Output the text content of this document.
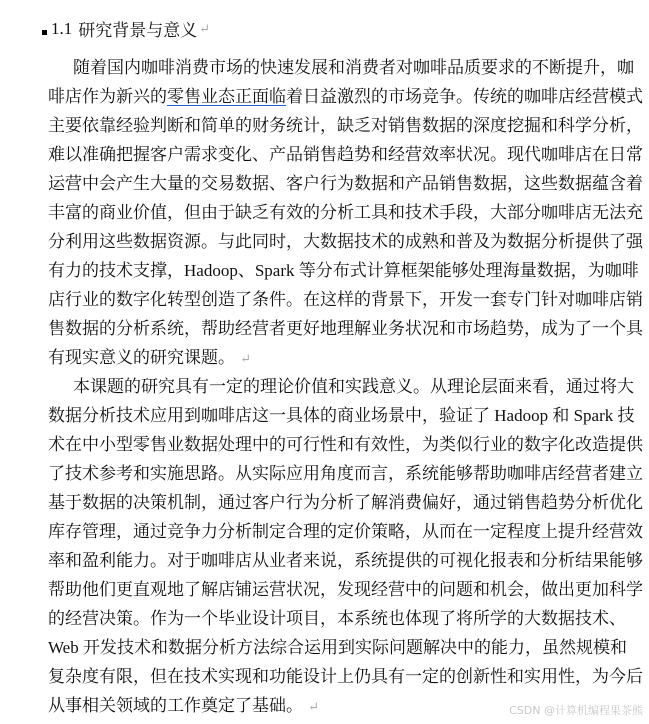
1.1 研究背景与意义 ↵
随着国内咖啡消费市场的快速发展和消费者对咖啡品质要求的不断提升，咖
啡店作为新兴的零售业态正面临着日益激烈的市场竞争。传统的咖啡店经营模式
主要依靠经验判断和简单的财务统计，缺乏对销售数据的深度挖掘和科学分析，
难以准确把握客户需求变化、产品销售趋势和经营效率状况。现代咖啡店在日常
运营中会产生大量的交易数据、客户行为数据和产品销售数据，这些数据蕴含着
丰富的商业价值，但由于缺乏有效的分析工具和技术手段，大部分咖啡店无法充
分利用这些数据资源。与此同时，大数据技术的成熟和普及为数据分析提供了强
有力的技术支撑，Hadoop、Spark 等分布式计算框架能够处理海量数据，为咖啡
店行业的数字化转型创造了条件。在这样的背景下，开发一套专门针对咖啡店销
售数据的分析系统，帮助经营者更好地理解业务状况和市场趋势，成为了一个具
有现实意义的研究课题。 ↵
本课题的研究具有一定的理论价值和实践意义。从理论层面来看，通过将大
数据分析技术应用到咖啡店这一具体的商业场景中，验证了 Hadoop 和 Spark 技
术在中小型零售业数据处理中的可行性和有效性，为类似行业的数字化改造提供
了技术参考和实施思路。从实际应用角度而言，系统能够帮助咖啡店经营者建立
基于数据的决策机制，通过客户行为分析了解消费偏好，通过销售趋势分析优化
库存管理，通过竞争力分析制定合理的定价策略，从而在一定程度上提升经营效
率和盈利能力。对于咖啡店从业者来说，系统提供的可视化报表和分析结果能够
帮助他们更直观地了解店铺运营状况，发现经营中的问题和机会，做出更加科学
的经营决策。作为一个毕业设计项目，本系统也体现了将所学的大数据技术、
Web 开发技术和数据分析方法综合运用到实际问题解决中的能力，虽然规模和
复杂度有限，但在技术实现和功能设计上仍具有一定的创新性和实用性，为今后
从事相关领域的工作奠定了基础。 ↵	CSDN @计算机编程果茶熊
